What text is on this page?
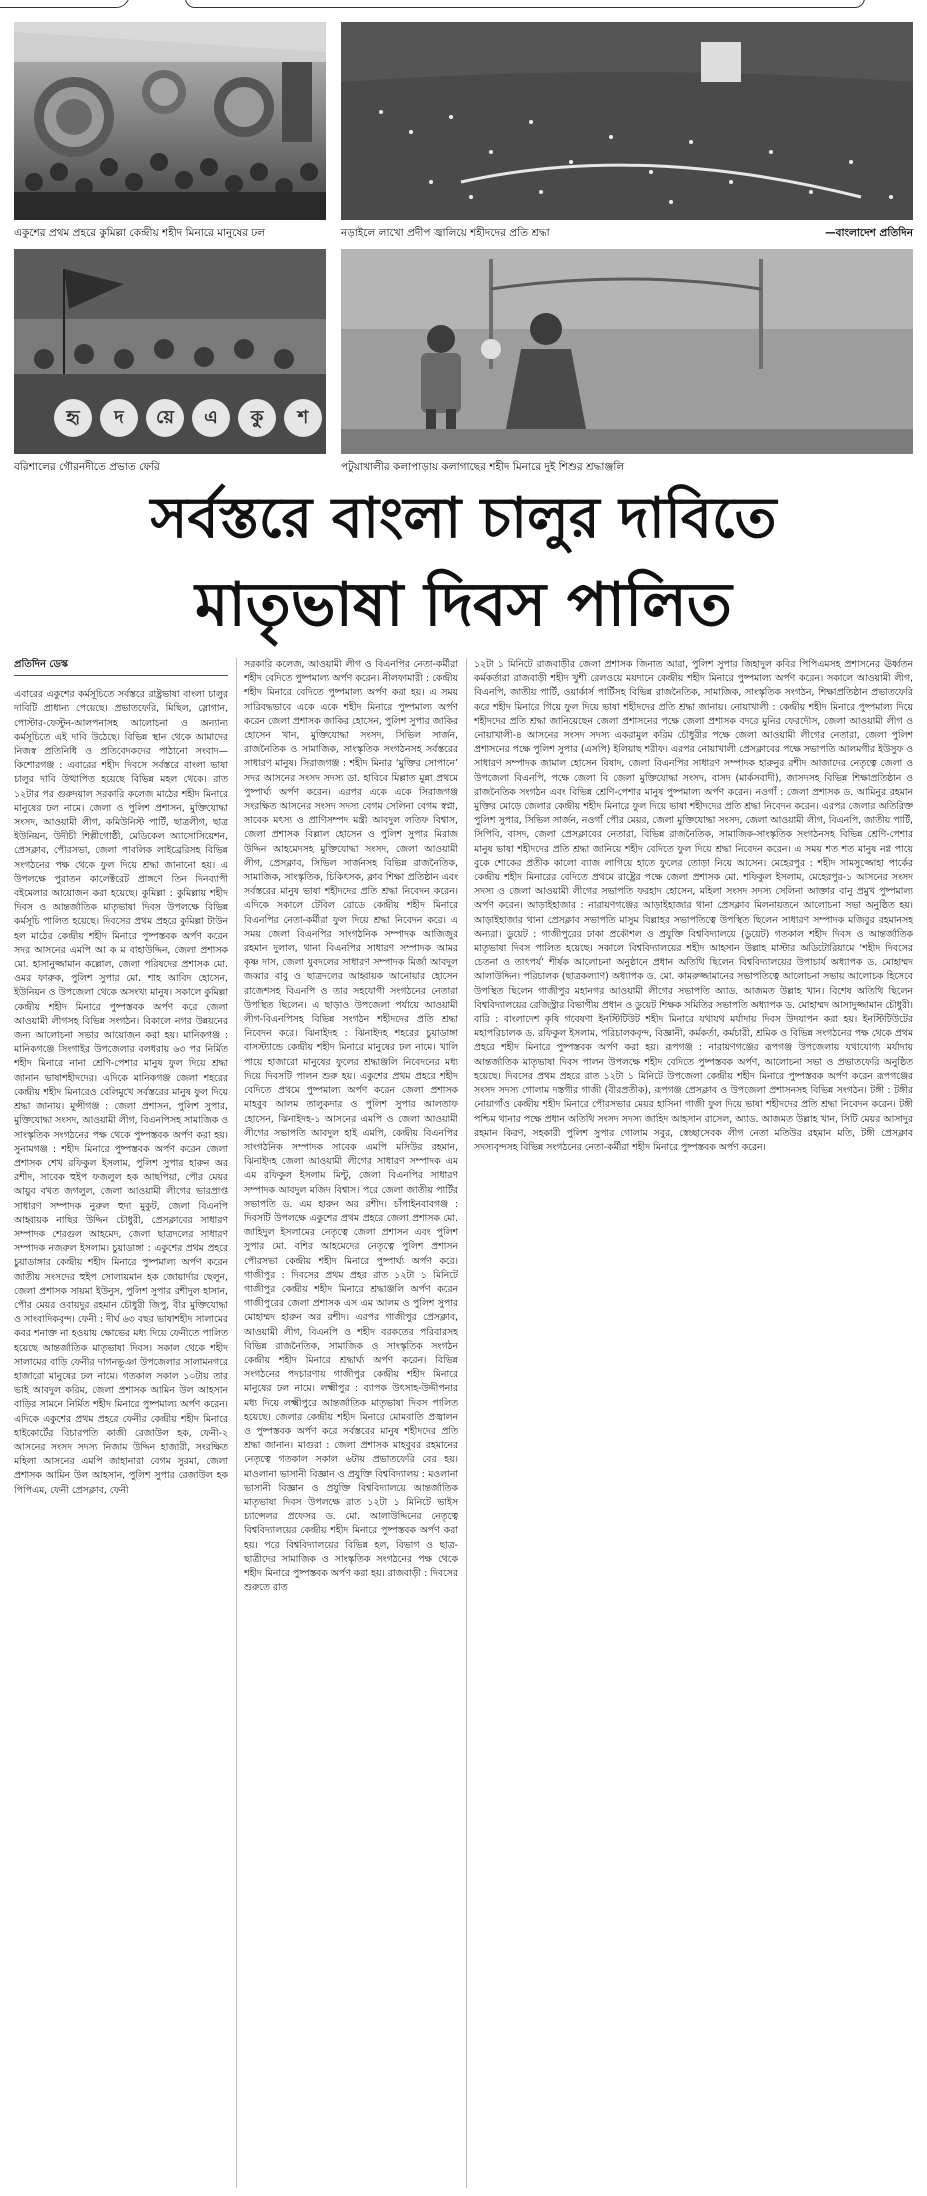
একুশের প্রথম প্রহরে কুমিল্লা কেন্দ্রীয় শহীদ মিনারে মানুষের ঢল	নড়াইলে লাখো প্রদীপ জ্বালিয়ে শহীদদের প্রতি শ্রদ্ধা	—বাংলাদেশ প্রতিদিন
হৃ	দ	য়ে	এ	কু	শ
বরিশালের গৌরনদীতে প্রভাত ফেরি	পটুয়াখালীর কলাপাড়ায় কলাগাছের শহীদ মিনারে দুই শিশুর শ্রদ্ধাঞ্জলি
সর্বস্তরে বাংলা চালুর দাবিতে
মাতৃভাষা দিবস পালিত
প্রতিদিন ডেস্ক

এবারের একুশের কর্মসূচিতে সর্বস্তরে রাষ্ট্রভাষা বাংলা চালুর দাবিটি প্রাধান্য পেয়েছে। প্রভাতফেরি, মিছিল, স্লোগান, পোস্টার-ফেস্টুন-আলপনাসহ আলোচনা ও অন্যান্য কর্মসূচিতে এই দাবি উঠেছে। বিভিন্ন স্থান থেকে আমাদের নিজস্ব প্রতিনিধি ও প্রতিবেদকদের পাঠানো সংবাদ— কিশোরগঞ্জ : এবারের শহীদ দিবসে সর্বস্তরে বাংলা ভাষা চালুর দাবি উত্থাপিত হয়েছে বিভিন্ন মহল থেকে। রাত ১২টার পর গুরুদয়াল সরকারি কলেজ মাঠের শহীদ মিনারে মানুষের ঢল নামে। জেলা ও পুলিশ প্রশাসন, মুক্তিযোদ্ধা সংসদ, আওয়ামী লীগ, কমিউনিস্ট পার্টি, ছাত্রলীগ, ছাত্র ইউনিয়ন, উদীচী শিল্পীগোষ্ঠী, মেডিকেল অ্যাসোসিয়েশন, প্রেসক্লাব, পৌরসভা, জেলা পাবলিক লাইব্রেরিসহ বিভিন্ন সংগঠনের পক্ষ থেকে ফুল দিয়ে শ্রদ্ধা জানানো হয়। এ উপলক্ষে পুরাতন কালেক্টরেট প্রাঙ্গণে তিন দিনব্যাপী বইমেলার আয়োজন করা হয়েছে। কুমিল্লা : কুমিল্লায় শহীদ দিবস ও আন্তর্জাতিক মাতৃভাষা দিবস উপলক্ষে বিভিন্ন কর্মসূচি পালিত হয়েছে। দিবসের প্রথম প্রহরে কুমিল্লা টাউন হল মাঠের কেন্দ্রীয় শহীদ মিনারে পুষ্পস্তবক অর্পণ করেন সদর আসনের এমপি আ ক ম বাহাউদ্দিন, জেলা প্রশাসক মো. হাসানুজ্জামান কল্লোল, জেলা পরিষদের প্রশাসক মো. ওমর ফারুক, পুলিশ সুপার মো. শাহ আবিদ হোসেন, ইউনিয়ন ও উপজেলা থেকে অসংখ্য মানুষ। সকালে কুমিল্লা কেন্দ্রীয় শহীদ মিনারে পুষ্পস্তবক অর্পণ করে জেলা আওয়ামী লীগসহ বিভিন্ন সংগঠন। বিকালে নগর উন্নয়নের জন্য আলোচনা সভার আয়োজন করা হয়। মানিকগঞ্জ : মানিকগঞ্জে সিংগাইর উপজেলার বলধরায় ৬৩ পর নির্মিত শহীদ মিনারে নানা শ্রেণি-পেশার মানুষ ফুল দিয়ে শ্রদ্ধা জানান ভাষাশহীদদের। এদিকে মানিকগঞ্জ জেলা শহরের কেন্দ্রীয় শহীদ মিনারেও বেলিমুখে সর্বস্তরের মানুষ ফুল দিয়ে শ্রদ্ধা জানায়। মুন্সীগঞ্জ : জেলা প্রশাসন, পুলিশ সুপার, মুক্তিযোদ্ধা সংসদ, আওয়ামী লীগ, বিএনপিসহ সামাজিক ও সাংস্কৃতিক সংগঠনের পক্ষ থেকে পুষ্পস্তবক অর্পণ করা হয়। সুনামগঞ্জ : শহীদ মিনারে পুষ্পস্তবক অর্পণ করেন জেলা প্রশাসক শেখ রফিকুল ইসলাম, পুলিশ সুপার হারুন অর রশীদ, সাবেক হুইপ ফজলুল হক আছপিয়া, পৌর মেয়র আয়ুব বখত জগলুল, জেলা আওয়ামী লীগের ভারপ্রাপ্ত সাধারণ সম্পাদক নুরুল হুদা মুকুট, জেলা বিএনপি আহ্বায়ক নাছির উদ্দিন চৌধুরী, প্রেসক্লাবের সাধারণ সম্পাদক শেরগুল আহমেদ, জেলা ছাত্রদলের সাধারণ সম্পাদক নজরুল ইসলাম। চুয়াডাঙ্গা : একুশের প্রথম প্রহরে চুয়াডাঙ্গার কেন্দ্রীয় শহীদ মিনারে পুষ্পমাল্য অর্পণ করেন জাতীয় সংসদের হুইপ সোলায়মান হক জোয়ার্দার ছেলুন, জেলা প্রশাসক সায়মা ইউনুস, পুলিশ সুপার রশীদুল হাসান, পৌর মেয়র ওবায়দুর রহমান চৌধুরী জিপু, বীর মুক্তিযোদ্ধা ও সাংবাদিকবৃন্দ। ফেনী : দীর্ঘ ৬৩ বছর ভাষাশহীদ সালামের কবর শনাক্ত না হওয়ায় ক্ষোভের মধ্য দিয়ে ফেনীতে পালিত হয়েছে আন্তর্জাতিক মাতৃভাষা দিবস। সকাল থেকে শহীদ সালামের বাড়ি ফেনীর দাগনভূঞা উপজেলার সালামনগরে হাজারো মানুষের ঢল নামে। গতকাল সকাল ১০টায় তার ভাই আবদুল করিম, জেলা প্রশাসক আমিন উল আহসান বাড়ির সামনে নির্মিত শহীদ মিনারে পুষ্পমাল্য অর্পণ করেন। এদিকে একুশের প্রথম প্রহরে ফেনীর কেন্দ্রীয় শহীদ মিনারে হাইকোর্টের বিচারপতি কাজী রেজাউল হক, ফেনী-২ আসনের সংসদ সদস্য নিজাম উদ্দিন হাজারী, সংরক্ষিত মহিলা আসনের এমপি জাহানারা বেগম সুরমা, জেলা প্রশাসক আমিন উল আহসান, পুলিশ সুপার রেজাউল হক পিপিএম, ফেনী প্রেসক্লাব, ফেনী

সরকারি কলেজ, আওয়ামী লীগ ও বিএনপির নেতা-কর্মীরা শহীদ বেদিতে পুষ্পমাল্য অর্পণ করেন। নীলফামারী : কেন্দ্রীয় শহীদ মিনারে বেদিতে পুষ্পমাল্য অর্পণ করা হয়। এ সময় সারিবদ্ধভাবে একে একে শহীদ মিনারে পুষ্পমাল্য অর্পণ করেন জেলা প্রশাসক জাকির হোসেন, পুলিশ সুপার জাকির হোসেন খান, মুক্তিযোদ্ধা সংসদ, সিভিল সার্জন, রাজনৈতিক ও সামাজিক, সাংস্কৃতিক সংগঠনসহ সর্বস্তরের সাধারণ মানুষ। সিরাজগঞ্জ : শহীদ মিনার ‘মুক্তির সোপানে’ সদর আসনের সংসদ সদস্য ডা. হাবিবে মিল্লাত মুন্না প্রথমে পুষ্পার্ঘ্য অর্পণ করেন। এরপর একে একে সিরাজগঞ্জ সংরক্ষিত আসনের সংসদ সদস্য বেগম সেলিনা বেগম স্বপ্না, সাবেক মৎস্য ও প্রাণিসম্পদ মন্ত্রী আবদুল লতিফ বিশ্বাস, জেলা প্রশাসক বিল্লাল হোসেন ও পুলিশ সুপার মিরাজ উদ্দিন আহমেদসহ মুক্তিযোদ্ধা সংসদ, জেলা আওয়ামী লীগ, প্রেসক্লাব, সিভিল সার্জনসহ বিভিন্ন রাজনৈতিক, সামাজিক, সাংস্কৃতিক, চিকিৎসক, ক্লাব শিক্ষা প্রতিষ্ঠান এবং সর্বস্তরের মানুষ ভাষা শহীদদের প্রতি শ্রদ্ধা নিবেদন করেন। এদিকে সকালে টেবিল রোডে কেন্দ্রীয় শহীদ মিনারে বিএনপির নেতা-কর্মীরা ফুল দিয়ে শ্রদ্ধা নিবেদন করে। এ সময় জেলা বিএনপির সাংগঠনিক সম্পাদক আজিজুর রহমান দুলাল, থানা বিএনপির সাধারণ সম্পাদক আমর কৃষ্ণ দাস, জেলা যুবদলের সাধারণ সম্পাদক মির্জা আবদুল জব্বার বাবু ও ছাত্রদলের আহ্বায়ক আনোয়ার হোসেন রাজেশসহ বিএনপি ও তার সহযোগী সংগঠনের নেতারা উপস্থিত ছিলেন। এ ছাড়াও উপজেলা পর্যায়ে আওয়ামী লীগ-বিএনপিসহ বিভিন্ন সংগঠন শহীদদের প্রতি শ্রদ্ধা নিবেদন করে। ঝিনাইদহ : ঝিনাইদহ শহরের চুয়াডাঙ্গা বাসস্ট্যান্ডে কেন্দ্রীয় শহীদ মিনারে মানুষের ঢল নামে। খালি পায়ে হাজারো মানুষের ফুলের শ্রদ্ধাঞ্জলি নিবেদনের মধ্য দিয়ে দিবসটি পালন শুরু হয়। একুশের প্রথম প্রহরে শহীদ বেদিতে প্রথমে পুষ্পমাল্য অর্পণ করেন জেলা প্রশাসক মাহবুব আলম তালুকদার ও পুলিশ সুপার আলতাফ হোসেন, ঝিনাইদহ-১ আসনের এমপি ও জেলা আওয়ামী লীগের সভাপতি আবদুল হাই এমপি, কেন্দ্রীয় বিএনপির সাংগঠনিক সম্পাদক সাবেক এমপি মসিউর রহমান, ঝিনাইদহ জেলা আওয়ামী লীগের সাধারণ সম্পাদক এম এম রফিকুল ইসলাম মিন্টু, জেলা বিএনপির সাধারণ সম্পাদক আবদুল মজিদ বিশ্বাস। পরে জেলা জাতীয় পার্টির সভাপতি ড. এম হারুন অর রশীদ। চাঁপাইনবাবগঞ্জ : দিবসটি উপলক্ষে একুশের প্রথম প্রহরে জেলা প্রশাসক মো. জাহিদুল ইসলামের নেতৃত্বে জেলা প্রশাসন এবং পুলিশ সুপার মো. বশির আহমেদের নেতৃত্বে পুলিশ প্রশাসন পৌরসভা কেন্দ্রীয় শহীদ মিনারে পুষ্পার্ঘ্য অর্পণ করে। গাজীপুর : দিবসের প্রথম প্রহর রাত ১২টা ১ মিনিটে গাজীপুর কেন্দ্রীয় শহীদ মিনারে শ্রদ্ধাঞ্জলি অর্পণ করেন গাজীপুরের জেলা প্রশাসক এস এম আলম ও পুলিশ সুপার মোহাম্মদ হারুন অর রশীদ। এরপর গাজীপুর প্রেসক্লাব, আওয়ামী লীগ, বিএনপি ও শহীদ বরকতের পরিবারসহ বিভিন্ন রাজনৈতিক, সামাজিক ও সাংস্কৃতিক সংগঠন কেন্দ্রীয় শহীদ মিনারে শ্রদ্ধার্ঘ্য অর্পণ করেন। বিভিন্ন সংগঠনের পদচারণায় গাজীপুর কেন্দ্রীয় শহীদ মিনারে মানুষের ঢল নামে। লক্ষ্মীপুর : ব্যাপক উৎসাহ-উদ্দীপনার মধ্য দিয়ে লক্ষ্মীপুরে আন্তর্জাতিক মাতৃভাষা দিবস পালিত হয়েছে। জেলার কেন্দ্রীয় শহীদ মিনারে মোমবাতি প্রজ্বালন ও পুষ্পস্তবক অর্পণ করে সর্বস্তরের মানুষ শহীদদের প্রতি শ্রদ্ধা জানান। মাগুরা : জেলা প্রশাসক মাহবুবর রহমানের নেতৃত্বে গতকাল সকাল ৬টায় প্রভাতফেরি বের হয়। মাওলানা ভাসানী বিজ্ঞান ও প্রযুক্তি বিশ্ববিদ্যালয় : মওলানা ভাসানী বিজ্ঞান ও প্রযুক্তি বিশ্ববিদ্যালয়ে আন্তর্জাতিক মাতৃভাষা দিবস উপলক্ষে রাত ১২টা ১ মিনিটে ভাইস চ্যান্সেলর প্রফেসর ড. মো. আলাউদ্দিনের নেতৃত্বে বিশ্ববিদ্যালয়ের কেন্দ্রীয় শহীদ মিনারে পুষ্পস্তবক অর্পণ করা হয়। পরে বিশ্ববিদ্যালয়ের বিভিন্ন হল, বিভাগ ও ছাত্র-ছাত্রীদের সামাজিক ও সাংস্কৃতিক সংগঠনের পক্ষ থেকে শহীদ মিনারে পুষ্পস্তবক অর্পণ করা হয়। রাজবাড়ী : দিবসের শুরুতে রাত

১২টা ১ মিনিটে রাজবাড়ীর জেলা প্রশাসক জিনাত আরা, পুলিশ সুপার জিহাদুল কবির পিপিএমসহ প্রশাসনের ঊর্ধ্বতন কর্মকর্তারা রাজবাড়ী শহীদ খুশী রেলওয়ে ময়দানে কেন্দ্রীয় শহীদ মিনারে পুষ্পমাল্য অর্পণ করেন। সকালে আওয়ামী লীগ, বিএনপি, জাতীয় পার্টি, ওয়ার্কার্স পার্টিসহ বিভিন্ন রাজনৈতিক, সামাজিক, সাংস্কৃতিক সংগঠন, শিক্ষাপ্রতিষ্ঠান প্রভাতফেরি করে শহীদ মিনারে গিয়ে ফুল দিয়ে ভাষা শহীদদের প্রতি শ্রদ্ধা জানায়। নোয়াখালী : কেন্দ্রীয় শহীদ মিনারে পুষ্পমাল্য দিয়ে শহীদদের প্রতি শ্রদ্ধা জানিয়েছেন জেলা প্রশাসনের পক্ষে জেলা প্রশাসক বদরে মুনির ফেরদৌস, জেলা আওয়ামী লীগ ও নোয়াখালী-৪ আসনের সংসদ সদস্য একরামুল করিম চৌধুরীর পক্ষে জেলা আওয়ামী লীগের নেতারা, জেলা পুলিশ প্রশাসনের পক্ষে পুলিশ সুপার (এসপি) ইলিয়াছ শরীফ। এরপর নোয়াখালী প্রেসক্লাবের পক্ষে সভাপতি আলমগীর ইউসুফ ও সাধারণ সম্পাদক জামাল হোসেন বিষাদ, জেলা বিএনপির সাধারণ সম্পাদক হারুনুর রশীদ আজাদের নেতৃত্বে জেলা ও উপজেলা বিএনপি, পক্ষে জেলা বি জেলা মুক্তিযোদ্ধা সংসদ, বাসদ (মার্কসবাদী), জাসদসহ বিভিন্ন শিক্ষাপ্রতিষ্ঠান ও রাজনৈতিক সংগঠন এবং বিভিন্ন শ্রেণি-পেশার মানুষ পুষ্পমাল্য অর্পণ করেন। নওগাঁ : জেলা প্রশাসক ড. আমিনুর রহমান মুক্তির মোড়ে জেলার কেন্দ্রীয় শহীদ মিনারে ফুল দিয়ে ভাষা শহীদদের প্রতি শ্রদ্ধা নিবেদন করেন। এরপর জেলার অতিরিক্ত পুলিশ সুপার, সিভিল সার্জন, নওগাঁ পৌর মেয়র, জেলা মুক্তিযোদ্ধা সংসদ, জেলা আওয়ামী লীগ, বিএনপি, জাতীয় পার্টি, সিপিবি, বাসদ, জেলা প্রেসক্লাবের নেতারা, বিভিন্ন রাজনৈতিক, সামাজিক-সাংস্কৃতিক সংগঠনসহ বিভিন্ন শ্রেণি-পেশার মানুষ ভাষা শহীদদের প্রতি শ্রদ্ধা জানিয়ে শহীদ বেদিতে ফুল দিয়ে শ্রদ্ধা নিবেদন করেন। এ সময় শত শত মানুষ নগ্ন পায়ে বুকে শোকের প্রতীক কালো ব্যাজ লাগিয়ে হাতে ফুলের তোড়া নিয়ে আসেন। মেহেরপুর : শহীদ সামসুজ্জোহা পার্কের কেন্দ্রীয় শহীদ মিনারের বেদিতে প্রথমে রাষ্ট্রের পক্ষে জেলা প্রশাসক মো. শফিকুল ইসলাম, মেহেরপুর-১ আসনের সংসদ সদস্য ও জেলা আওয়ামী লীগের সভাপতি ফরহাদ হোসেন, মহিলা সংসদ সদস্য সেলিনা আক্তার বানু প্রমুখ পুষ্পমাল্য অর্পণ করেন। আড়াইহাজার : নারায়ণগঞ্জের আড়াইহাজার থানা প্রেসক্লাব মিলনায়তনে আলোচনা সভা অনুষ্ঠিত হয়। আড়াইহাজার থানা প্রেসক্লাব সভাপতি মাসুম বিল্লাহর সভাপতিত্বে উপস্থিত ছিলেন সাধারণ সম্পাদক মজিবুর রহমানসহ অন্যরা। ডুয়েট : গাজীপুরের ঢাকা প্রকৌশল ও প্রযুক্তি বিশ্ববিদ্যালয়ে (ডুয়েট) গতকাল শহীদ দিবস ও আন্তর্জাতিক মাতৃভাষা দিবস পালিত হয়েছে। সকালে বিশ্ববিদ্যালয়ের শহীদ আহসান উল্লাহ মাস্টার অডিটোরিয়ামে ‘শহীদ দিবসের চেতনা ও তাৎপর্য’ শীর্ষক আলোচনা অনুষ্ঠানে প্রধান অতিথি ছিলেন বিশ্ববিদ্যালয়ের উপাচার্য অধ্যাপক ড. মোহাম্মদ আলাউদ্দিন। পরিচালক (ছাত্রকল্যাণ) অধ্যাপক ড. মো. কামরুজ্জামানের সভাপতিত্বে আলোচনা সভায় আলোচক হিসেবে উপস্থিত ছিলেন গাজীপুর মহানগর আওয়ামী লীগের সভাপতি অ্যাড. আজমত উল্লাহ খান। বিশেষ অতিথি ছিলেন বিশ্ববিদ্যালয়ের রেজিস্ট্রার বিভাগীয় প্রধান ও ডুয়েট শিক্ষক সমিতির সভাপতি অধ্যাপক ড. মোহাম্মদ আসাদুজ্জামান চৌধুরী। বারি : বাংলাদেশ কৃষি গবেষণা ইনস্টিটিউট শহীদ মিনারে যথাযথ মর্যাদায় দিবস উদযাপন করা হয়। ইনস্টিটিউটের মহাপরিচালক ড. রফিকুল ইসলাম, পরিচালকবৃন্দ, বিজ্ঞানী, কর্মকর্তা, কর্মচারী, শ্রমিক ও বিভিন্ন সংগঠনের পক্ষ থেকে প্রথম প্রহরে শহীদ মিনারে পুষ্পস্তবক অর্পণ করা হয়। রূপগঞ্জ : নারায়ণগঞ্জের রূপগঞ্জ উপজেলায় যথাযোগ্য মর্যাদায় আন্তর্জাতিক মাতৃভাষা দিবস পালন উপলক্ষে শহীদ বেদিতে পুষ্পস্তবক অর্পণ, আলোচনা সভা ও প্রভাতফেরি অনুষ্ঠিত হয়েছে। দিবসের প্রথম প্রহরে রাত ১২টা ১ মিনিটে উপজেলা কেন্দ্রীয় শহীদ মিনারে পুষ্পস্তবক অর্পণ করেন রূপগঞ্জের সংসদ সদস্য গোলাম দস্তগীর গাজী (বীরপ্রতীক), রূপগঞ্জ প্রেসক্লাব ও উপজেলা প্রশাসনসহ বিভিন্ন সংগঠন। টঙ্গী : টঙ্গীর নোয়াগাঁও কেন্দ্রীয় শহীদ মিনারে পৌরসভার মেয়র হাসিনা গাজী ফুল দিয়ে ভাষা শহীদদের প্রতি শ্রদ্ধা নিবেদন করেন। টঙ্গী পশ্চিম থানার পক্ষে প্রধান অতিথি সংসদ সদস্য জাহিদ আহসান রাসেল, অ্যাড. আজমত উল্লাহ খান, সিটি মেয়র আসাদুর রহমান কিরণ, সহকারী পুলিশ সুপার গোলাম সবুর, স্বেচ্ছাসেবক লীগ নেতা মতিউর রহমান মতি, টঙ্গী প্রেসক্লাব সদস্যবৃন্দসহ বিভিন্ন সংগঠনের নেতা-কর্মীরা শহীদ মিনারে পুষ্পস্তবক অর্পণ করেন।
